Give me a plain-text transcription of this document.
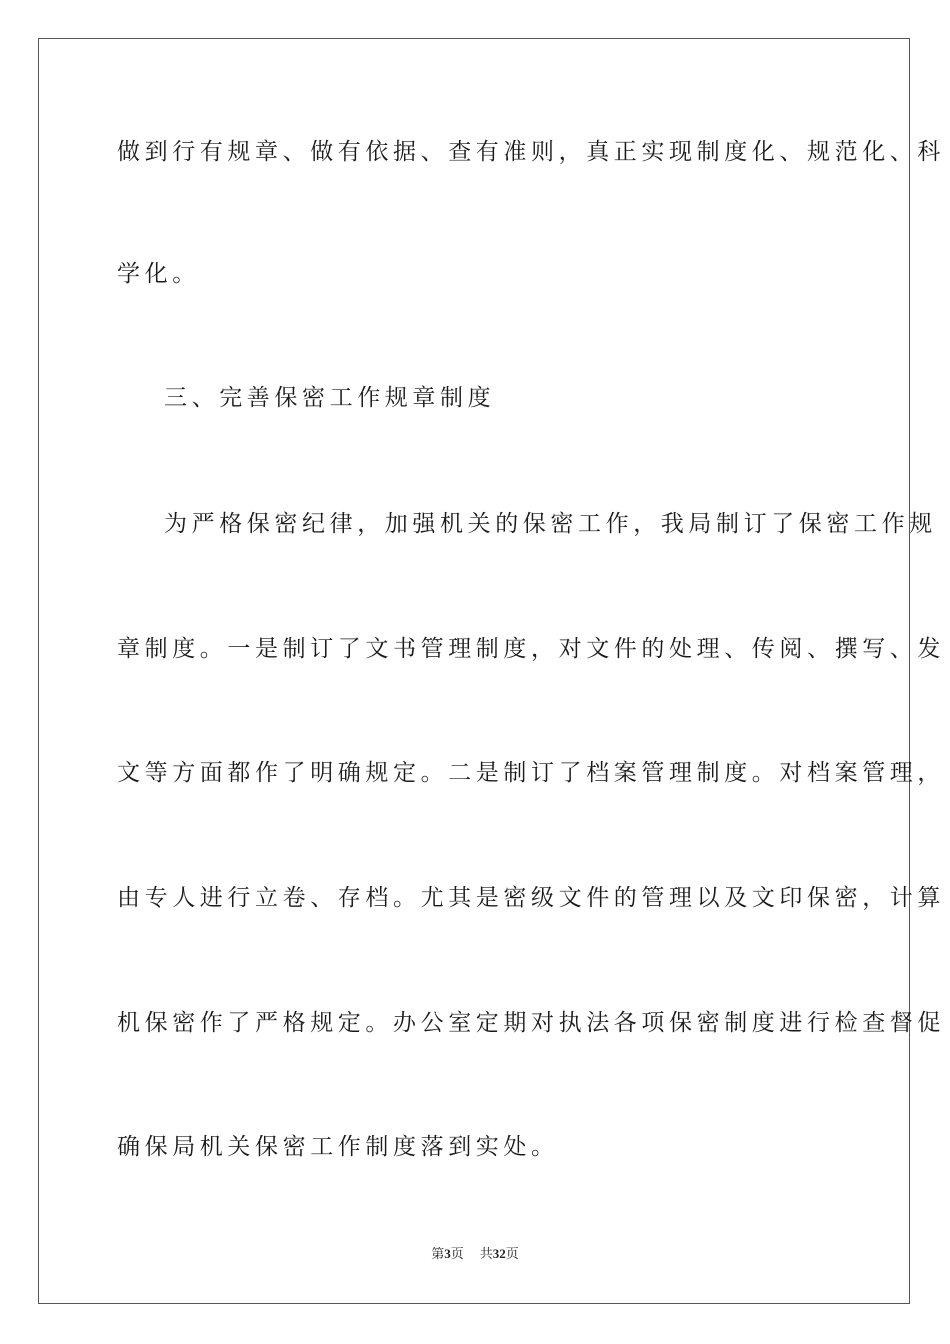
做到行有规章、做有依据、查有准则，真正实现制度化、规范化、科
学化。
三、完善保密工作规章制度
为严格保密纪律，加强机关的保密工作，我局制订了保密工作规
章制度。一是制订了文书管理制度，对文件的处理、传阅、撰写、发
文等方面都作了明确规定。二是制订了档案管理制度。对档案管理，
由专人进行立卷、存档。尤其是密级文件的管理以及文印保密，计算
机保密作了严格规定。办公室定期对执法各项保密制度进行检查督促
确保局机关保密工作制度落到实处。
第3页 共32页
